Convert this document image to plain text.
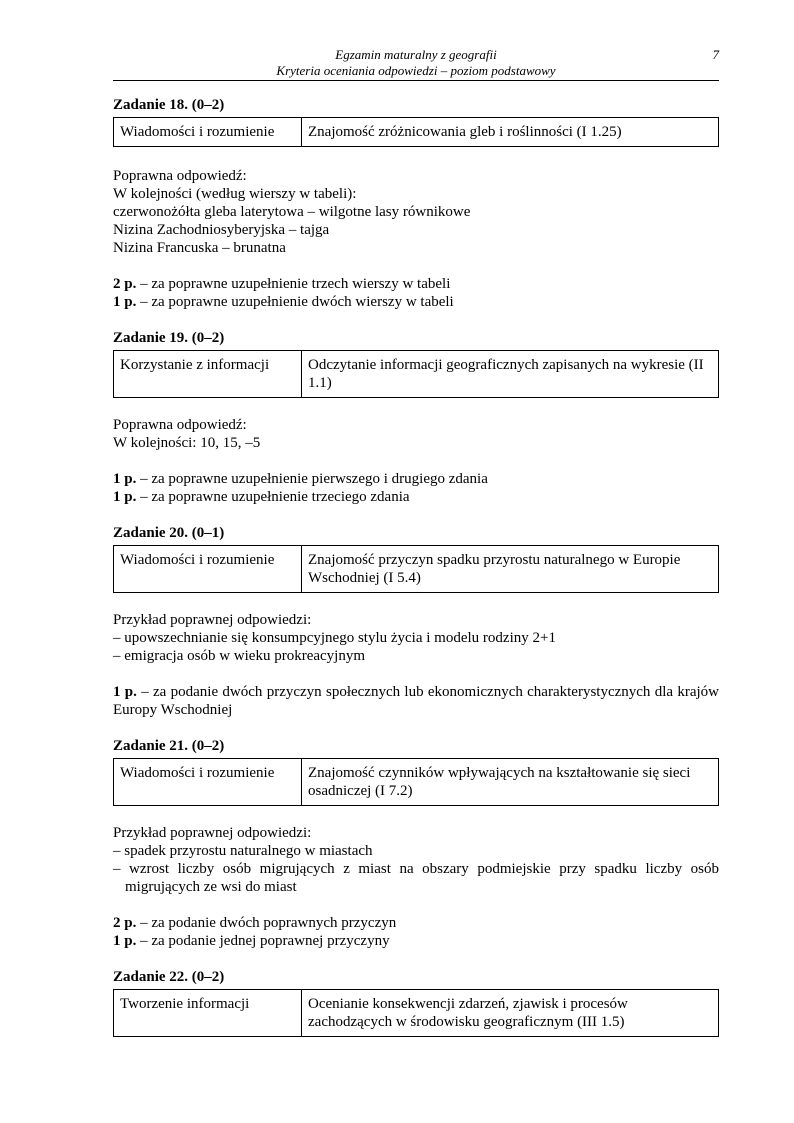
Egzamin maturalny z geografii
Kryteria oceniania odpowiedzi – poziom podstawowy
7
Zadanie 18. (0–2)
Wiadomości i rozumienie	Znajomość zróżnicowania gleb i roślinności (I 1.25)
Poprawna odpowiedź:
W kolejności (według wierszy w tabeli):
czerwonożółta gleba laterytowa – wilgotne lasy równikowe
Nizina Zachodniosyberyjska – tajga
Nizina Francuska – brunatna
2 p. – za poprawne uzupełnienie trzech wierszy w tabeli
1 p. – za poprawne uzupełnienie dwóch wierszy w tabeli
Zadanie 19. (0–2)
Korzystanie z informacji	Odczytanie informacji geograficznych zapisanych na wykresie (II 1.1)
Poprawna odpowiedź:
W kolejności: 10, 15, –5
1 p. – za poprawne uzupełnienie pierwszego i drugiego zdania
1 p. – za poprawne uzupełnienie trzeciego zdania
Zadanie 20. (0–1)
Wiadomości i rozumienie	Znajomość przyczyn spadku przyrostu naturalnego w Europie Wschodniej (I 5.4)
Przykład poprawnej odpowiedzi:
– upowszechnianie się konsumpcyjnego stylu życia i modelu rodziny 2+1
– emigracja osób w wieku prokreacyjnym
1 p. – za podanie dwóch przyczyn społecznych lub ekonomicznych charakterystycznych dla krajów Europy Wschodniej
Zadanie 21. (0–2)
Wiadomości i rozumienie	Znajomość czynników wpływających na kształtowanie się sieci osadniczej (I 7.2)
Przykład poprawnej odpowiedzi:
– spadek przyrostu naturalnego w miastach
– wzrost liczby osób migrujących z miast na obszary podmiejskie przy spadku liczby osób migrujących ze wsi do miast
2 p. – za podanie dwóch poprawnych przyczyn
1 p. – za podanie jednej poprawnej przyczyny
Zadanie 22. (0–2)
Tworzenie informacji	Ocenianie konsekwencji zdarzeń, zjawisk i procesów zachodzących w środowisku geograficznym (III 1.5)
